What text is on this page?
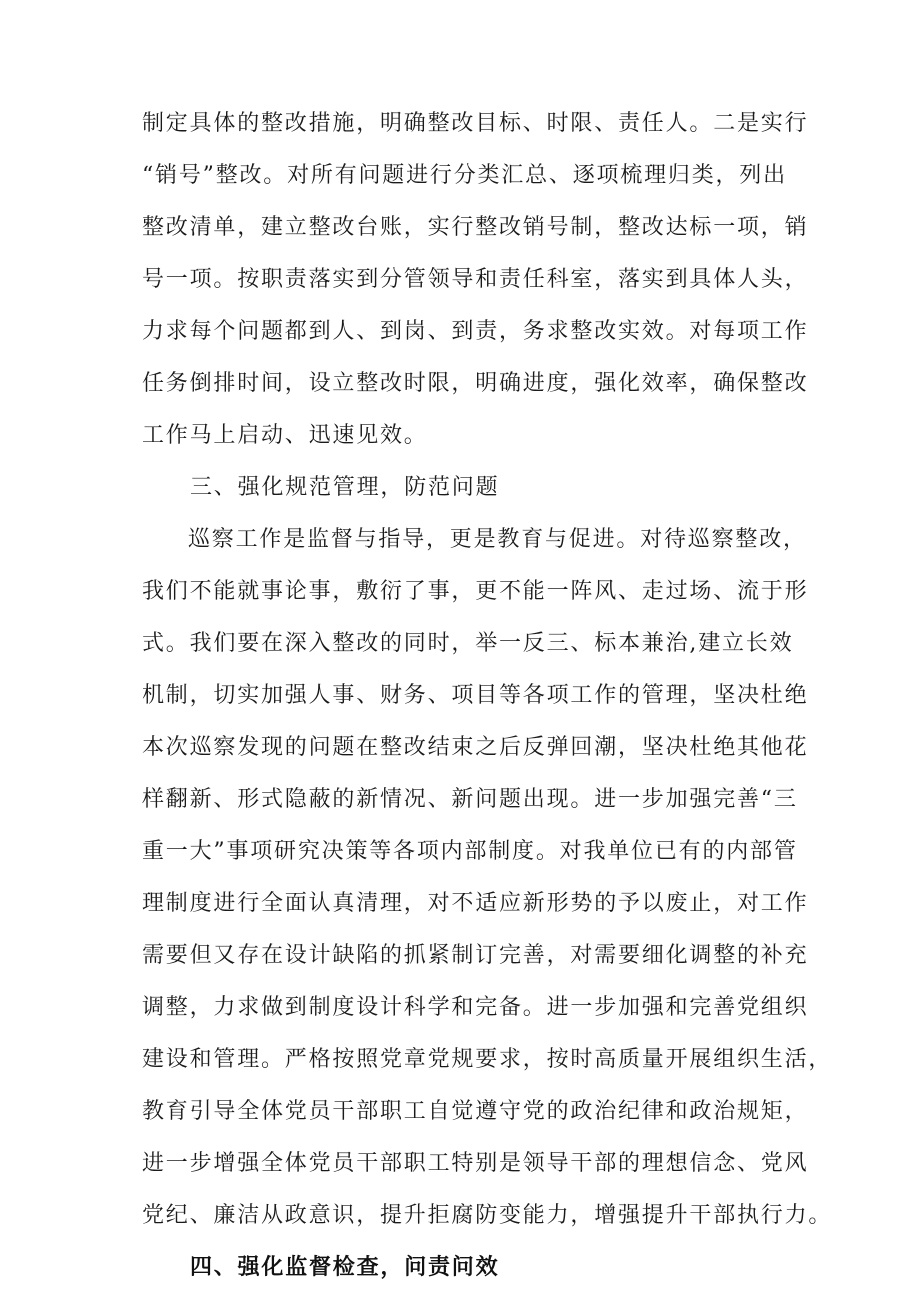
制定具体的整改措施，明确整改目标、时限、责任人。二是实行
“销号”整改。对所有问题进行分类汇总、逐项梳理归类，列出
整改清单，建立整改台账，实行整改销号制，整改达标一项，销
号一项。按职责落实到分管领导和责任科室，落实到具体人头，
力求每个问题都到人、到岗、到责，务求整改实效。对每项工作
任务倒排时间，设立整改时限，明确进度，强化效率，确保整改
工作马上启动、迅速见效。
三、强化规范管理，防范问题
巡察工作是监督与指导，更是教育与促进。对待巡察整改，
我们不能就事论事，敷衍了事，更不能一阵风、走过场、流于形
式。我们要在深入整改的同时，举一反三、标本兼治,建立长效
机制，切实加强人事、财务、项目等各项工作的管理，坚决杜绝
本次巡察发现的问题在整改结束之后反弹回潮，坚决杜绝其他花
样翻新、形式隐蔽的新情况、新问题出现。进一步加强完善“三
重一大”事项研究决策等各项内部制度。对我单位已有的内部管
理制度进行全面认真清理，对不适应新形势的予以废止，对工作
需要但又存在设计缺陷的抓紧制订完善，对需要细化调整的补充
调整，力求做到制度设计科学和完备。进一步加强和完善党组织
建设和管理。严格按照党章党规要求，按时高质量开展组织生活，
教育引导全体党员干部职工自觉遵守党的政治纪律和政治规矩，
进一步增强全体党员干部职工特别是领导干部的理想信念、党风
党纪、廉洁从政意识，提升拒腐防变能力，增强提升干部执行力。
四、强化监督检查，问责问效
